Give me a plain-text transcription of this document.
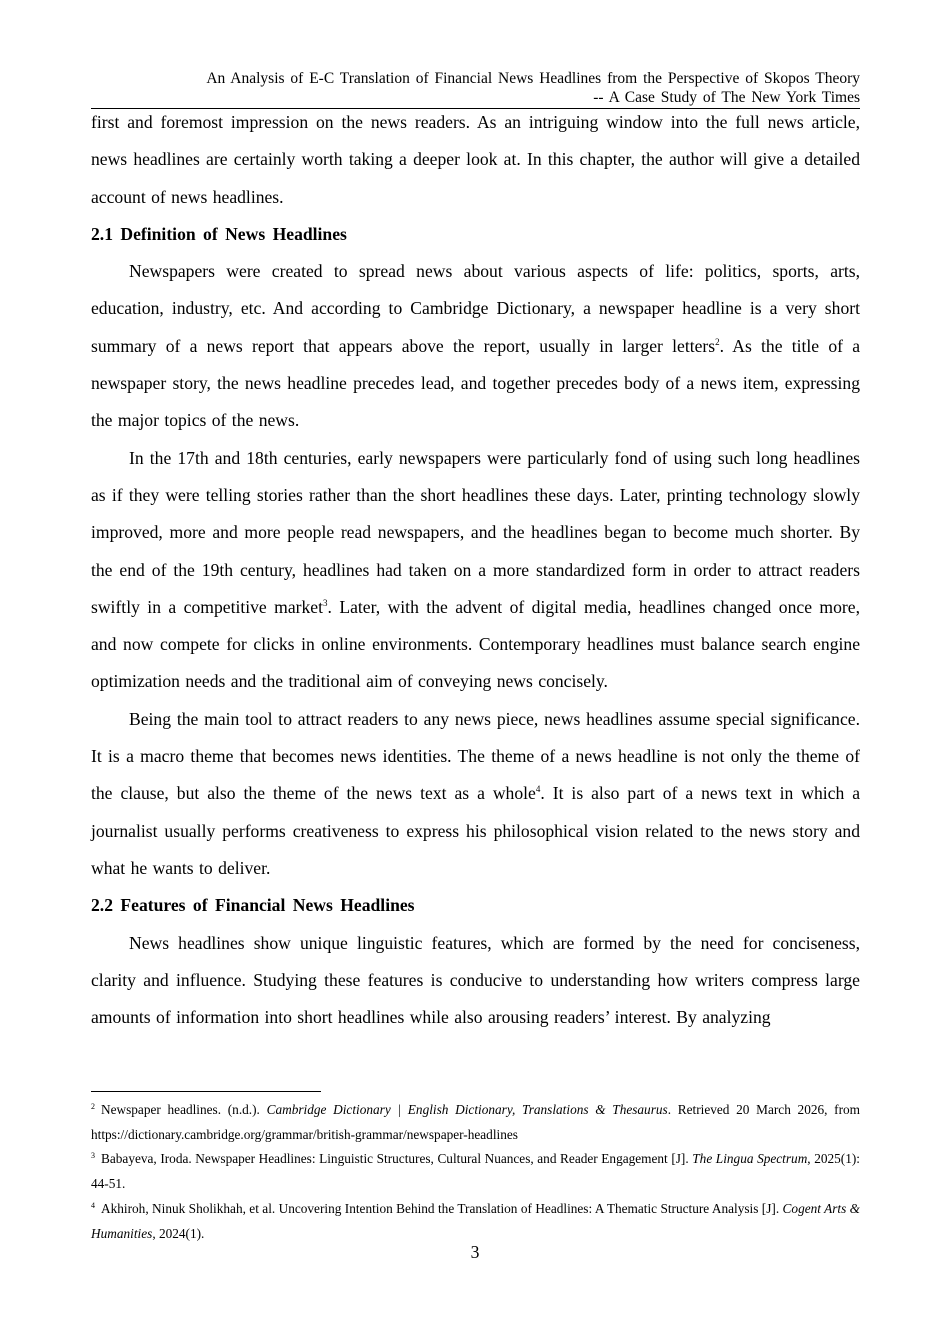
An Analysis of E-C Translation of Financial News Headlines from the Perspective of Skopos Theory
-- A Case Study of The New York Times

first and foremost impression on the news readers. As an intriguing window into the full news article, news headlines are certainly worth taking a deeper look at. In this chapter, the author will give a detailed account of news headlines.

2.1 Definition of News Headlines

Newspapers were created to spread news about various aspects of life: politics, sports, arts, education, industry, etc. And according to Cambridge Dictionary, a newspaper headline is a very short summary of a news report that appears above the report, usually in larger letters$^2$. As the title of a newspaper story, the news headline precedes lead, and together precedes body of a news item, expressing the major topics of the news.

In the 17th and 18th centuries, early newspapers were particularly fond of using such long headlines as if they were telling stories rather than the short headlines these days. Later, printing technology slowly improved, more and more people read newspapers, and the headlines began to become much shorter. By the end of the 19th century, headlines had taken on a more standardized form in order to attract readers swiftly in a competitive market$^3$. Later, with the advent of digital media, headlines changed once more, and now compete for clicks in online environments. Contemporary headlines must balance search engine optimization needs and the traditional aim of conveying news concisely.

Being the main tool to attract readers to any news piece, news headlines assume special significance. It is a macro theme that becomes news identities. The theme of a news headline is not only the theme of the clause, but also the theme of the news text as a whole$^4$. It is also part of a news text in which a journalist usually performs creativeness to express his philosophical vision related to the news story and what he wants to deliver.

2.2 Features of Financial News Headlines

News headlines show unique linguistic features, which are formed by the need for conciseness, clarity and influence. Studying these features is conducive to understanding how writers compress large amounts of information into short headlines while also arousing readers’ interest. By analyzing

$^2$ Newspaper headlines. (n.d.). Cambridge Dictionary | English Dictionary, Translations & Thesaurus. Retrieved 20 March 2026, from https://dictionary.cambridge.org/grammar/british-grammar/newspaper-headlines

$^3$ Babayeva, Iroda. Newspaper Headlines: Linguistic Structures, Cultural Nuances, and Reader Engagement [J]. The Lingua Spectrum, 2025(1): 44-51.

$^4$ Akhiroh, Ninuk Sholikhah, et al. Uncovering Intention Behind the Translation of Headlines: A Thematic Structure Analysis [J]. Cogent Arts & Humanities, 2024(1).

3
